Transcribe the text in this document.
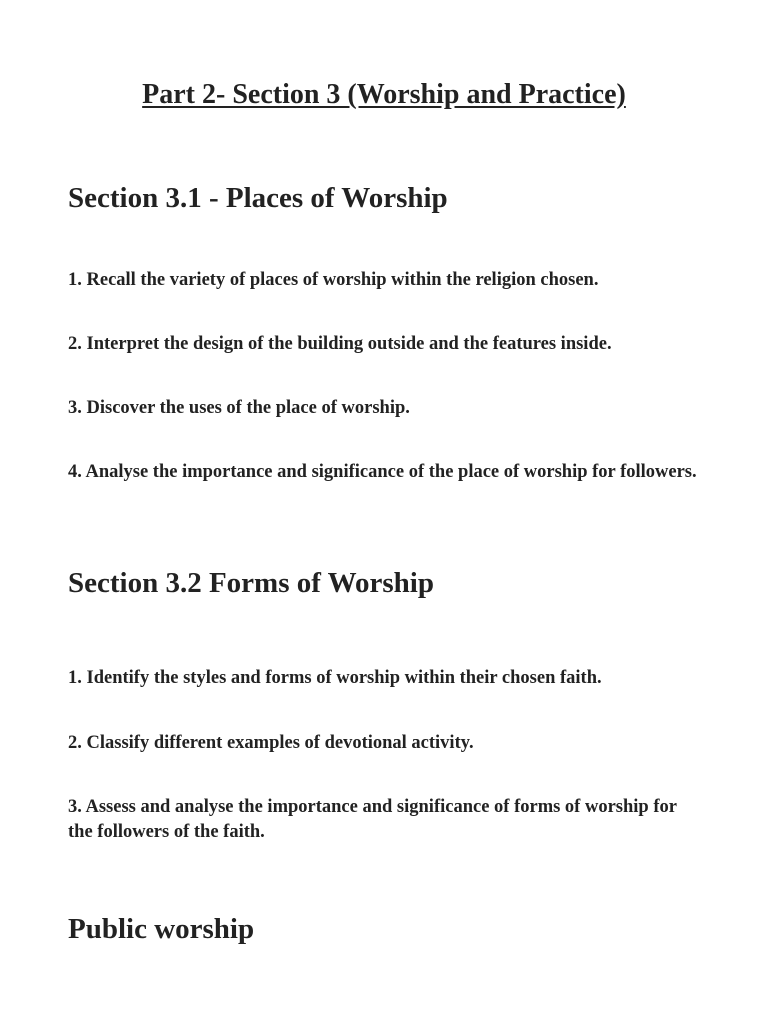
Part 2- Section 3 (Worship and Practice)
Section 3.1 - Places of Worship

1. Recall the variety of places of worship within the religion chosen.

2. Interpret the design of the building outside and the features inside.

3. Discover the uses of the place of worship.

4. Analyse the importance and significance of the place of worship for followers.

Section 3.2 Forms of Worship

1. Identify the styles and forms of worship within their chosen faith.

2. Classify different examples of devotional activity.

3. Assess and analyse the importance and significance of forms of worship for the followers of the faith.

Public worship
